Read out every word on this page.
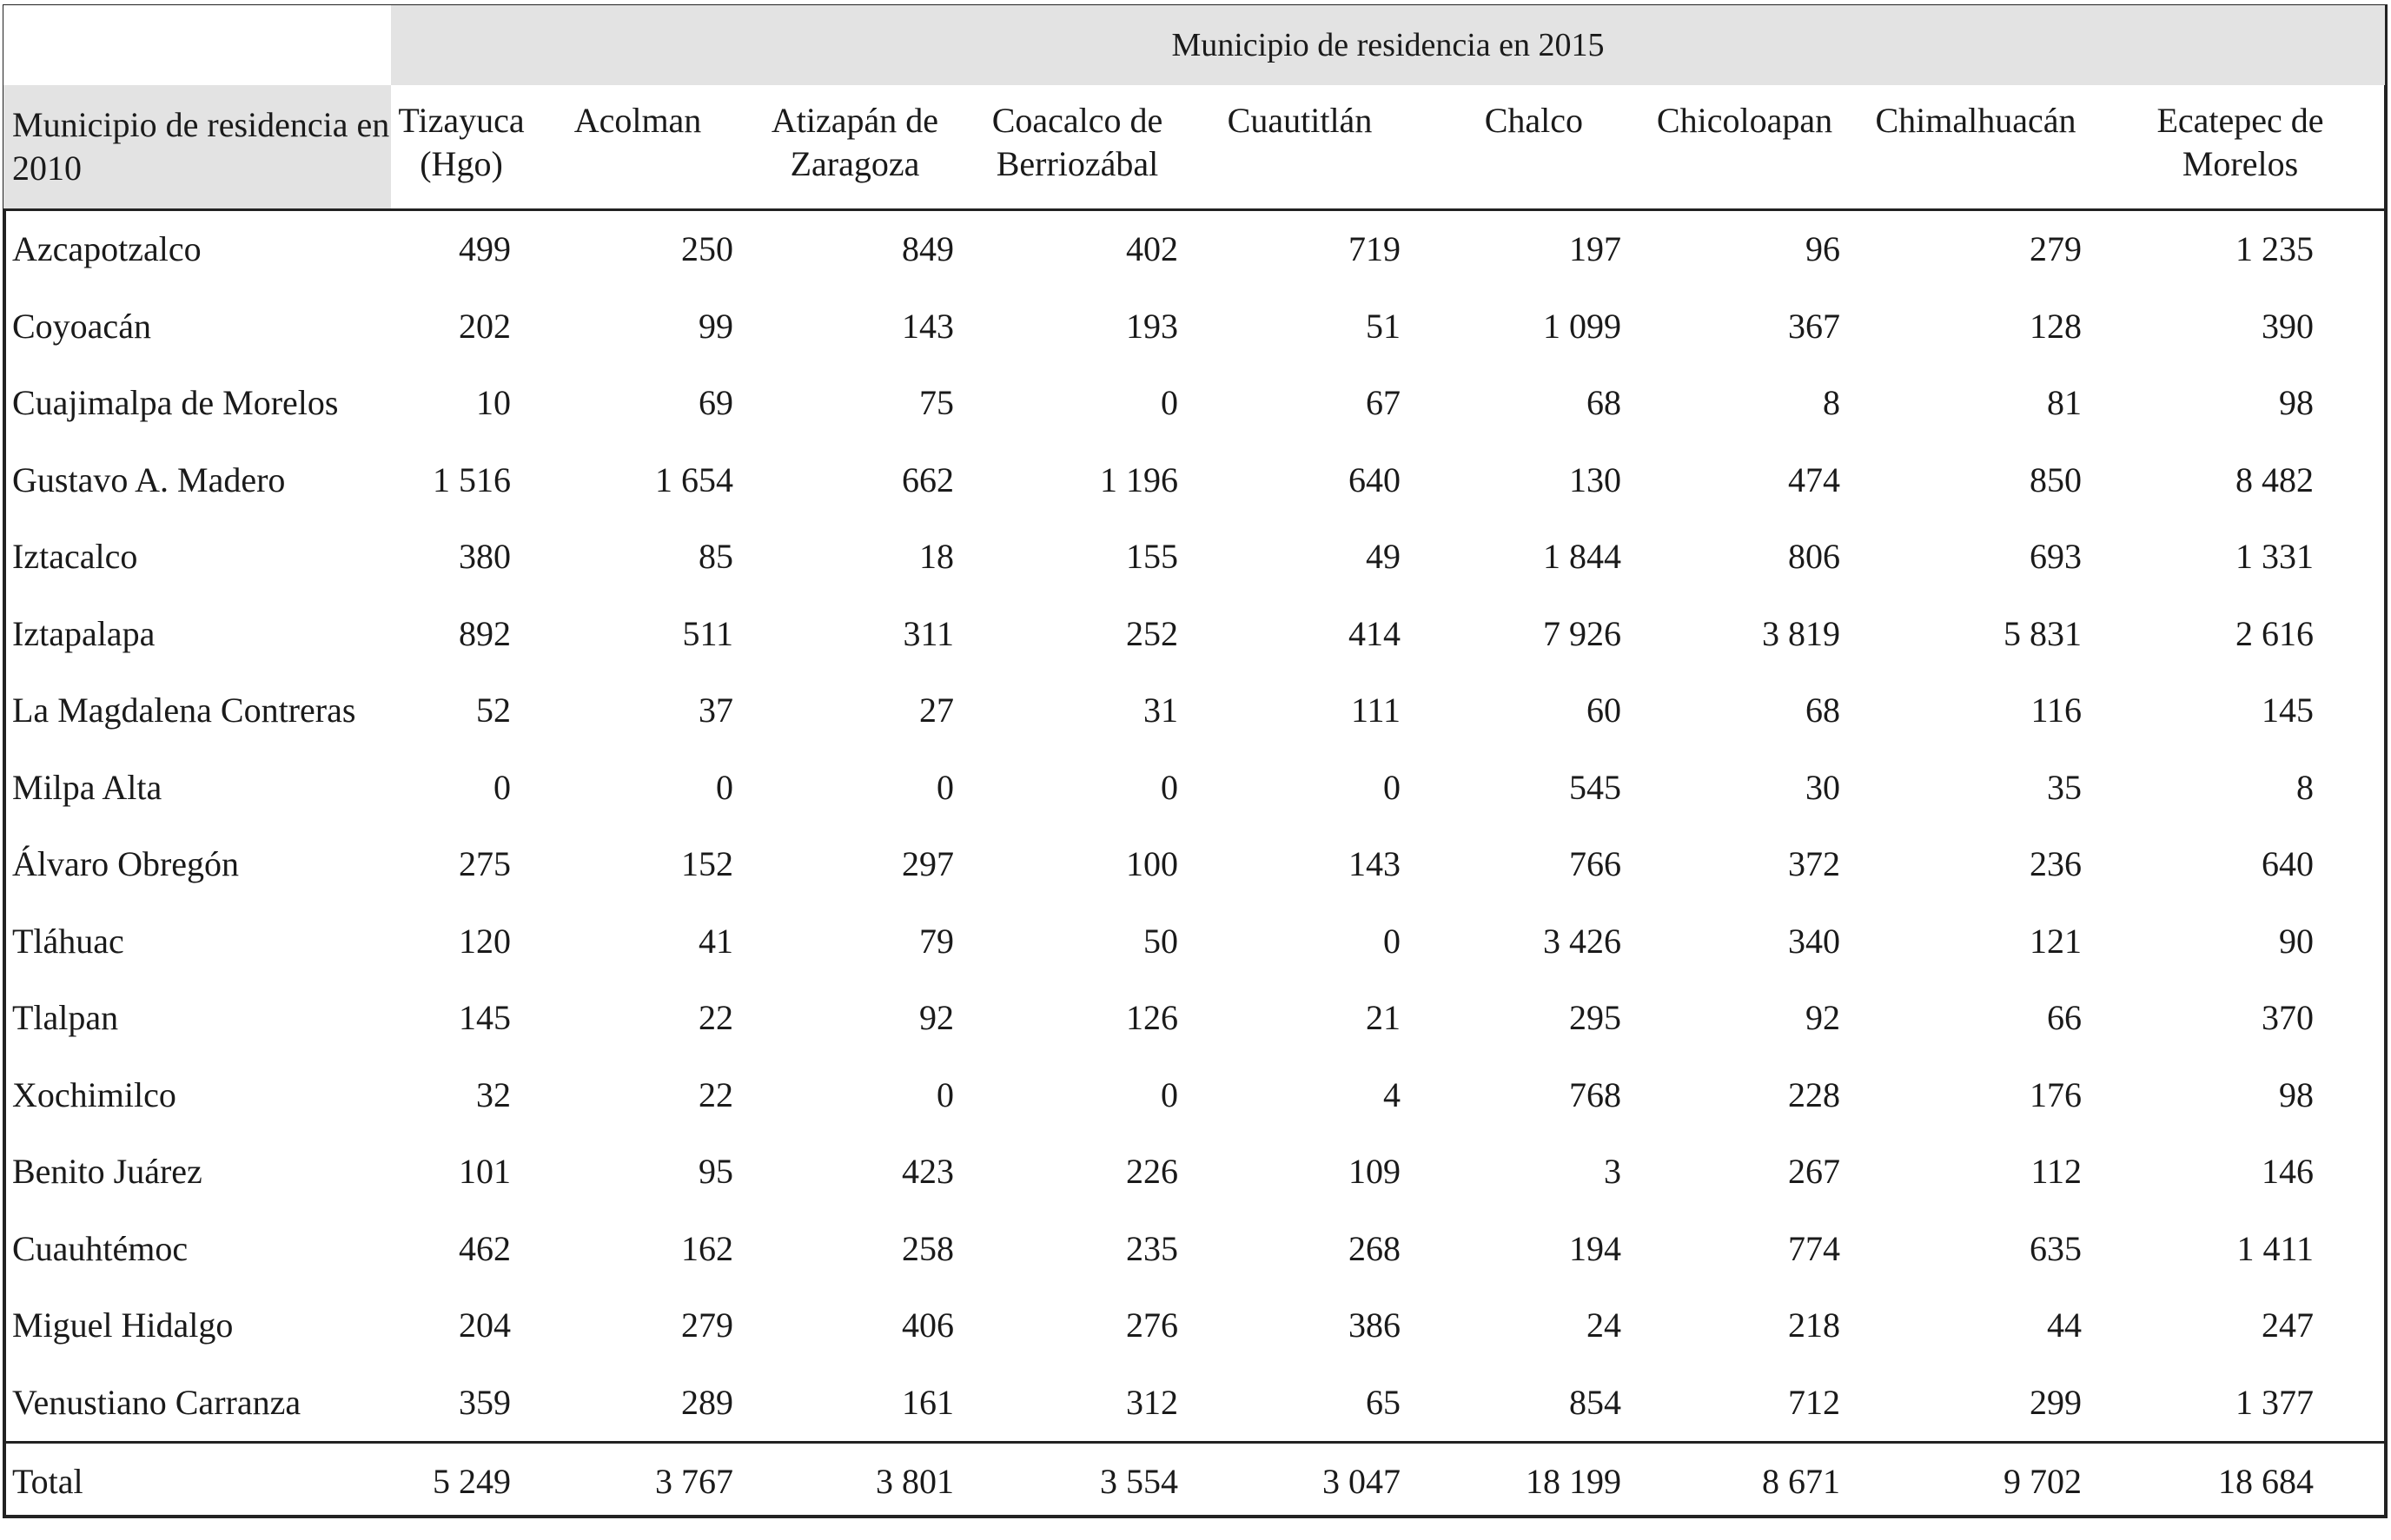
	Municipio de residencia en 2015								
Municipio de residencia en 2010	Tizayuca (Hgo)	Acolman	Atizapán de Zaragoza	Coacalco de Berriozábal	Cuautitlán	Chalco	Chicoloapan	Chimalhuacán	Ecatepec de Morelos
Azcapotzalco	499	250	849	402	719	197	96	279	1 235
Coyoacán	202	99	143	193	51	1 099	367	128	390
Cuajimalpa de Morelos	10	69	75	0	67	68	8	81	98
Gustavo A. Madero	1 516	1 654	662	1 196	640	130	474	850	8 482
Iztacalco	380	85	18	155	49	1 844	806	693	1 331
Iztapalapa	892	511	311	252	414	7 926	3 819	5 831	2 616
La Magdalena Contreras	52	37	27	31	111	60	68	116	145
Milpa Alta	0	0	0	0	0	545	30	35	8
Álvaro Obregón	275	152	297	100	143	766	372	236	640
Tláhuac	120	41	79	50	0	3 426	340	121	90
Tlalpan	145	22	92	126	21	295	92	66	370
Xochimilco	32	22	0	0	4	768	228	176	98
Benito Juárez	101	95	423	226	109	3	267	112	146
Cuauhtémoc	462	162	258	235	268	194	774	635	1 411
Miguel Hidalgo	204	279	406	276	386	24	218	44	247
Venustiano Carranza	359	289	161	312	65	854	712	299	1 377
Total	5 249	3 767	3 801	3 554	3 047	18 199	8 671	9 702	18 684
